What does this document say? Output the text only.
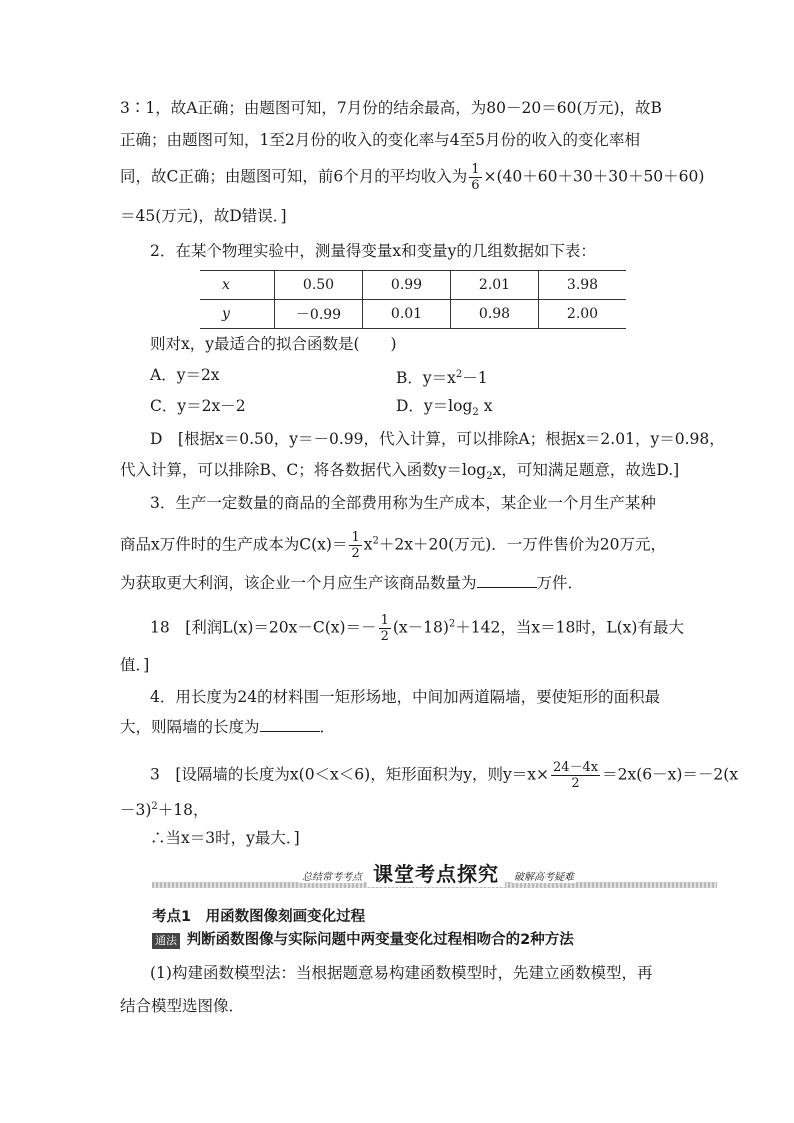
3∶1，故A正确；由题图可知，7月份的结余最高，为80－20＝60(万元)，故B
正确；由题图可知，1至2月份的收入的变化率与4至5月份的收入的变化率相
同，故C正确；由题图可知，前6个月的平均收入为 $\frac{1}{6} \times(40+60+30+30+50+60)$
＝45(万元)，故D错误．]
2．在某个物理实验中，测量得变量x和变量y的几组数据如下表：
x	0.50	0.99	2.01	3.98
y	－0.99	0.01	0.98	2.00
则对x，y最适合的拟合函数是(　　)
A．y＝2x	B．$y=x^2-1$
C．y＝2x－2	D．$y=\log_2$ x
D　[根据x＝0.50，y＝－0.99，代入计算，可以排除A；根据x＝2.01，y＝0.98，
代入计算，可以排除B、C；将各数据代入函数$y=\log_2x$，可知满足题意，故选D.]
3．生产一定数量的商品的全部费用称为生产成本，某企业一个月生产某种
商品x万件时的生产成本为$C(x)= \frac{1}{2} x^2+2x+20$(万元)．一万件售价为20万元，
为获取更大利润，该企业一个月应生产该商品数量为	万件．
18　[利润$L(x)=20x-C(x)=- \frac{1}{2} (x-18)^2+142$，当x＝18时，L(x)有最大
值．]
4．用长度为24的材料围一矩形场地，中间加两道隔墙，要使矩形的面积最
大，则隔墙的长度为	．
3　[设隔墙的长度为x(0＜x＜6)，矩形面积为y，则$y=x\times \frac{24-4x}{2} =2x(6-x)=-2(x$
－3)$^2$＋18，
∴当x＝3时，y最大．]
总结常考考点 课堂考点探究	破解高考疑难
考点1　用函数图像刻画变化过程
通法 判断函数图像与实际问题中两变量变化过程相吻合的2种方法
(1)构建函数模型法：当根据题意易构建函数模型时，先建立函数模型，再
结合模型选图像．
